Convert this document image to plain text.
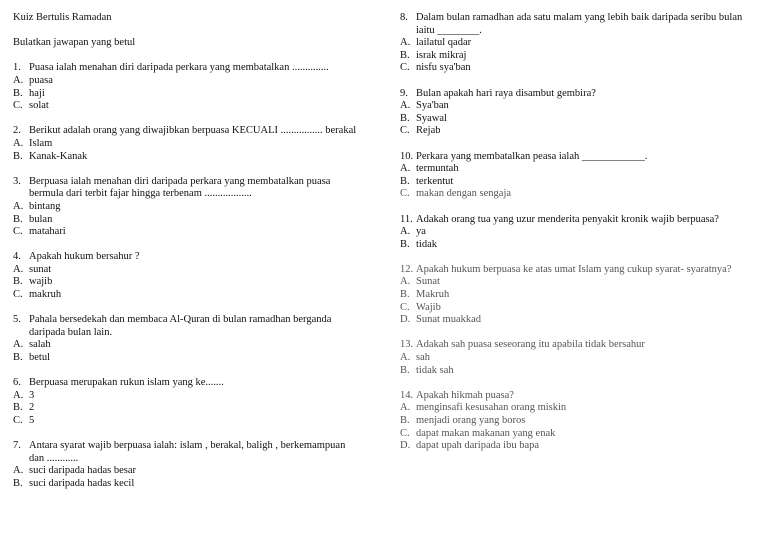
Kuiz Bertulis Ramadan
Bulatkan jawapan yang betul
1. Puasa ialah menahan diri daripada perkara yang membatalkan ..............
A. puasa
B. haji
C. solat
2. Berikut adalah orang yang diwajibkan berpuasa KECUALI ................ berakal
A. Islam
B. Kanak-Kanak
3. Berpuasa ialah menahan diri daripada perkara yang membatalkan puasa bermula dari terbit fajar hingga terbenam ..................
A. bintang
B. bulan
C. matahari
4. Apakah hukum bersahur ?
A. sunat
B. wajib
C. makruh
5. Pahala bersedekah dan membaca Al-Quran di bulan ramadhan berganda daripada bulan lain.
A. salah
B. betul
6. Berpuasa merupakan rukun islam yang ke.......
A. 3
B. 2
C. 5
7. Antara syarat wajib berpuasa ialah: islam , berakal, baligh , berkemampuan dan ............
A. suci daripada hadas besar
B. suci daripada hadas kecil
8. Dalam bulan ramadhan ada satu malam yang lebih baik daripada seribu bulan iaitu ________.
A. lailatul qadar
B. israk mikraj
C. nisfu sya'ban
9. Bulan apakah hari raya disambut gembira?
A. Sya'ban
B. Syawal
C. Rejab
10. Perkara yang membatalkan peasa ialah ____________.
A. termuntah
B. terkentut
C. makan dengan sengaja
11. Adakah orang tua yang uzur menderita penyakit kronik wajib berpuasa?
A. ya
B. tidak
12. Apakah hukum berpuasa ke atas umat Islam yang cukup syarat- syaratnya?
A. Sunat
B. Makruh
C. Wajib
D. Sunat muakkad
13. Adakah sah puasa seseorang itu apabila tidak bersahur
A. sah
B. tidak sah
14. Apakah hikmah puasa?
A. menginsafi kesusahan orang miskin
B. menjadi orang yang boros
C. dapat makan makanan yang enak
D. dapat upah daripada ibu bapa
